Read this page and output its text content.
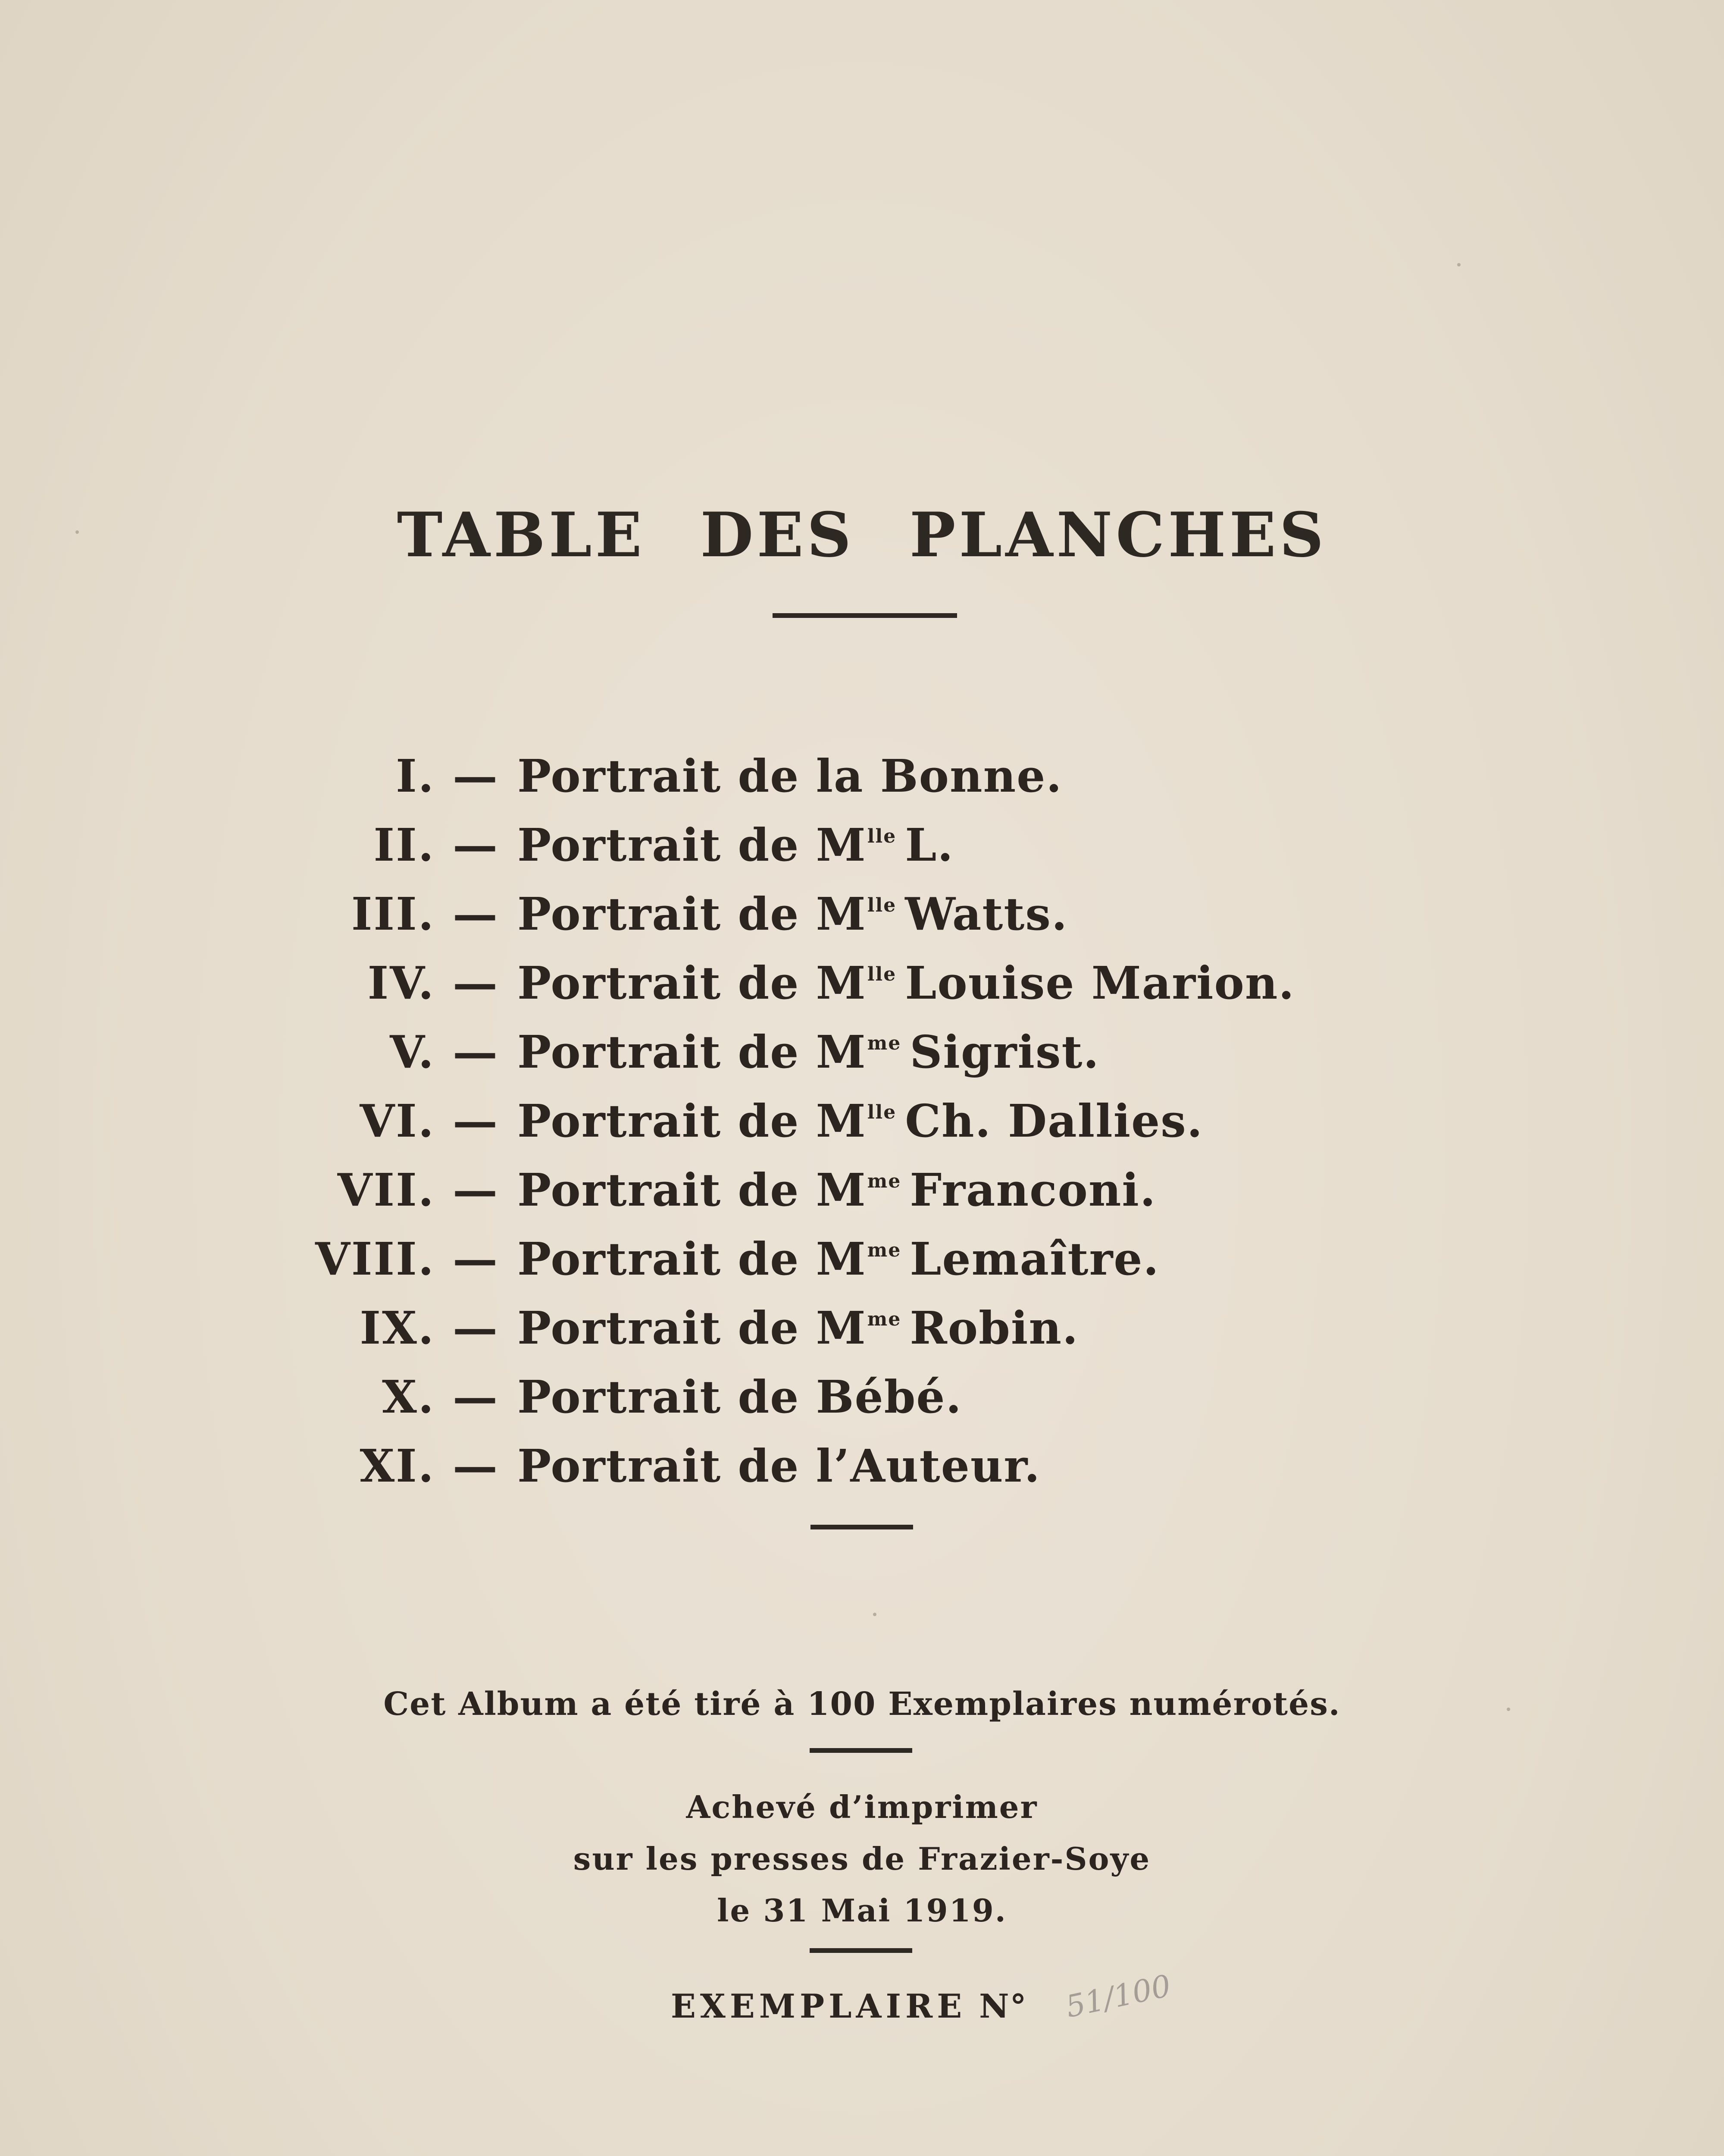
TABLE DES PLANCHES
I. — Portrait de la Bonne.
II. — Portrait de $M^{lle}$ L.
III. — Portrait de $M^{lle}$ Watts.
IV. — Portrait de $M^{lle}$ Louise Marion.
V. — Portrait de $M^{me}$ Sigrist.
VI. — Portrait de $M^{lle}$ Ch. Dallies.
VII. — Portrait de $M^{me}$ Franconi.
VIII. — Portrait de $M^{me}$ Lemaître.
IX. — Portrait de $M^{me}$ Robin.
X. — Portrait de Bébé.
XI. — Portrait de l’Auteur.
Cet Album a été tiré à 100 Exemplaires numérotés.
Achevé d’imprimer
sur les presses de Frazier-Soye
le 31 Mai 1919.
EXEMPLAIRE N° 51/100
